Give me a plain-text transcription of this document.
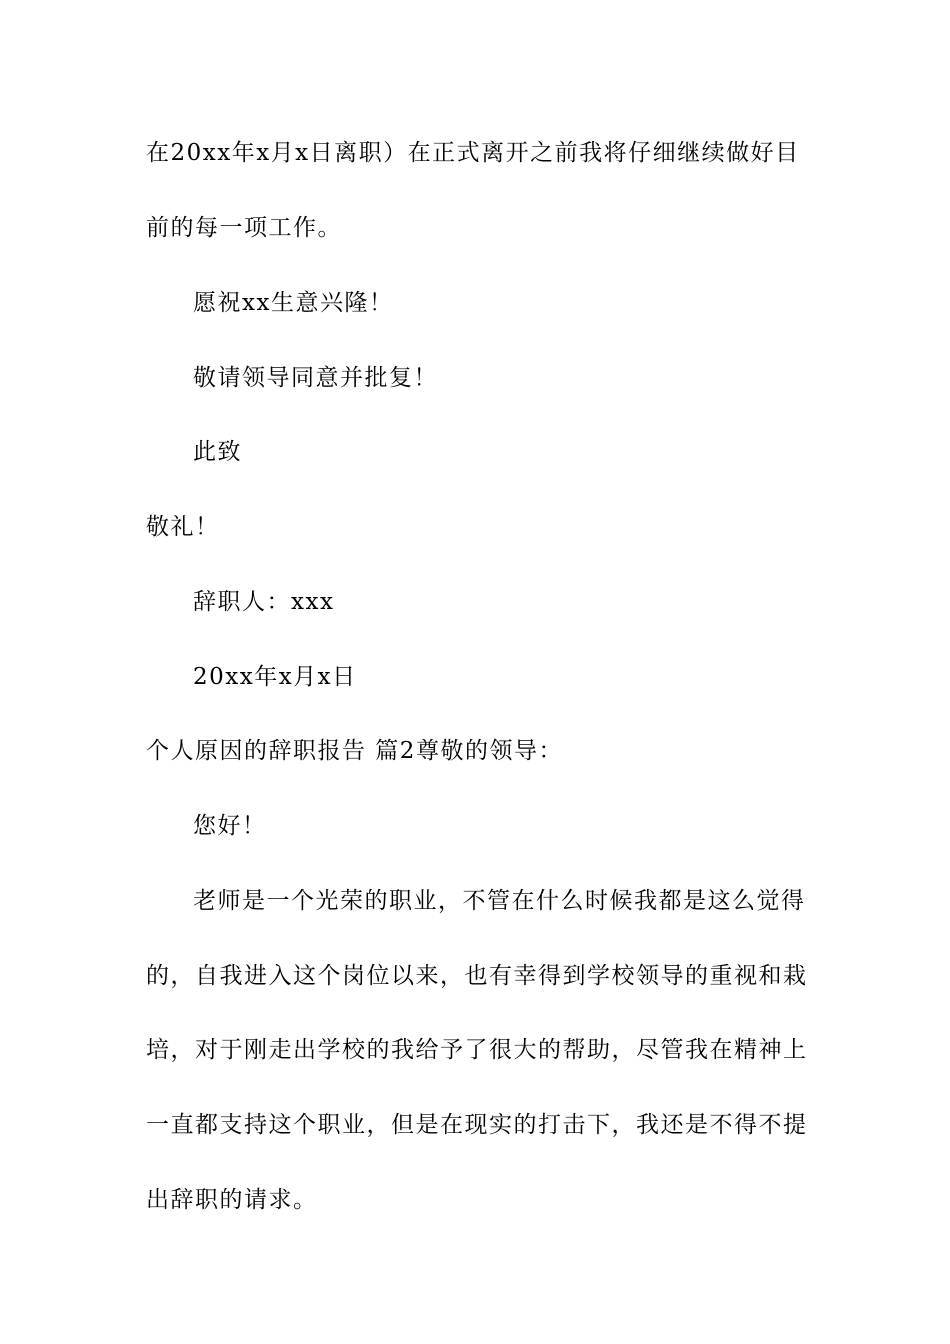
在20xx年x月x日离职）在正式离开之前我将仔细继续做好目
前的每一项工作。
愿祝xx生意兴隆！
敬请领导同意并批复！
此致
敬礼！
辞职人：xxx
20xx年x月x日
个人原因的辞职报告 篇2尊敬的领导：
您好！
老师是一个光荣的职业，不管在什么时候我都是这么觉得
的，自我进入这个岗位以来，也有幸得到学校领导的重视和栽
培，对于刚走出学校的我给予了很大的帮助，尽管我在精神上
一直都支持这个职业，但是在现实的打击下，我还是不得不提
出辞职的请求。
